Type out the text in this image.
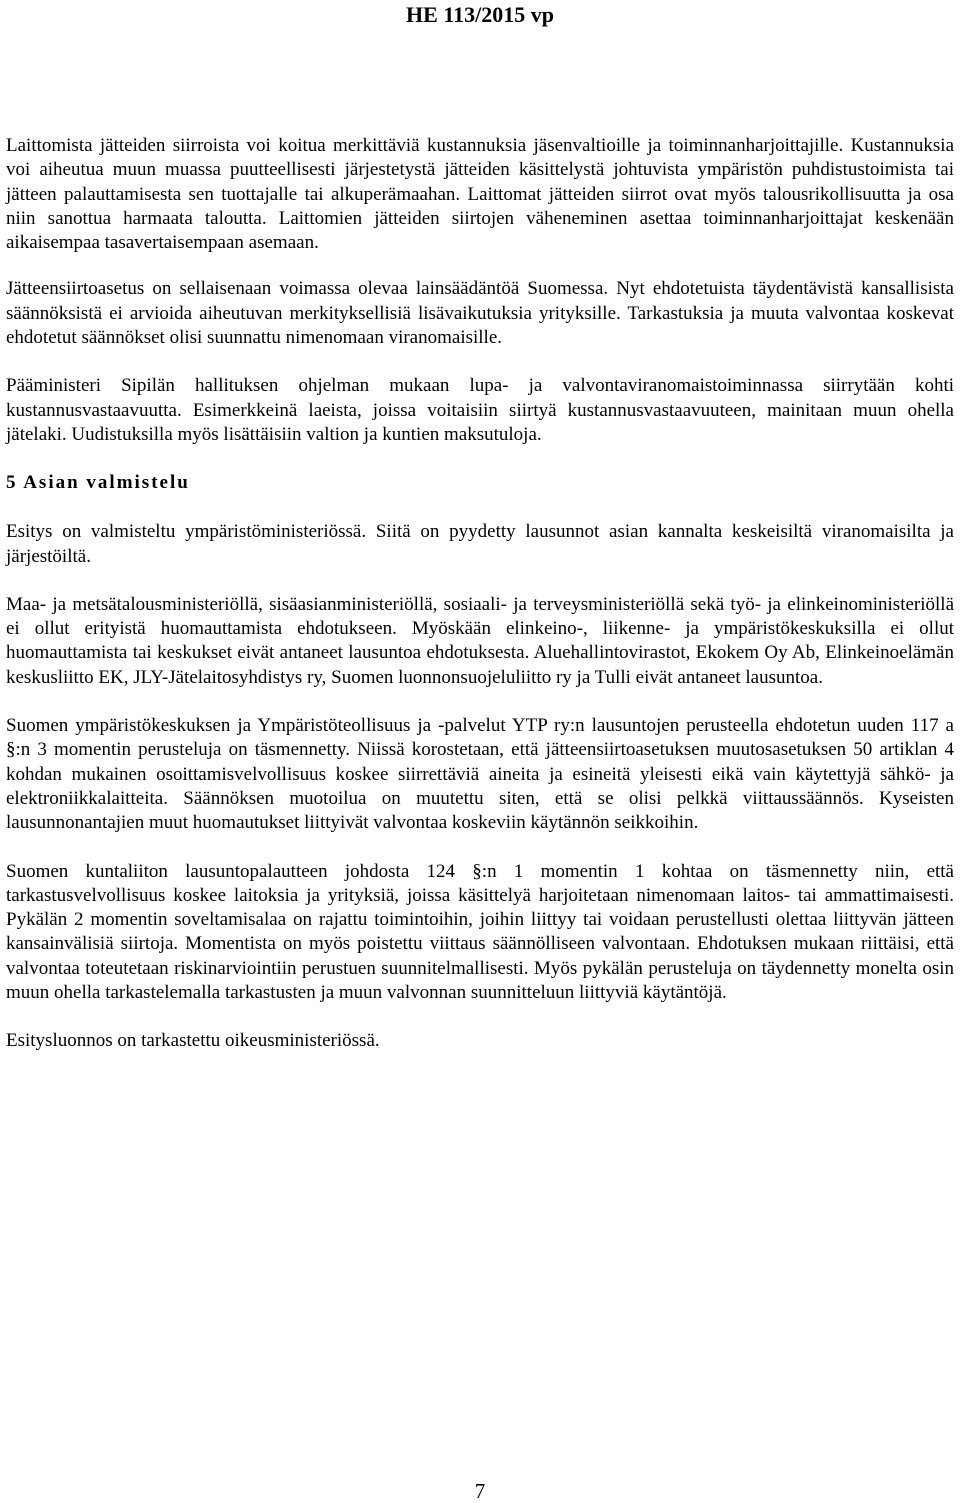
HE 113/2015 vp

Laittomista jätteiden siirroista voi koitua merkittäviä kustannuksia jäsenvaltioille ja toiminnanharjoittajille. Kustannuksia voi aiheutua muun muassa puutteellisesti järjestetystä jätteiden käsittelystä johtuvista ympäristön puhdistustoimista tai jätteen palauttamisesta sen tuottajalle tai alkuperämaahan. Laittomat jätteiden siirrot ovat myös talousrikollisuutta ja osa niin sanottua harmaata taloutta. Laittomien jätteiden siirtojen väheneminen asettaa toiminnanharjoittajat keskenään aikaisempaa tasavertaisempaan asemaan.

Jätteensiirtoasetus on sellaisenaan voimassa olevaa lainsäädäntöä Suomessa. Nyt ehdotetuista täydentävistä kansallisista säännöksistä ei arvioida aiheutuvan merkityksellisiä lisävaikutuksia yrityksille. Tarkastuksia ja muuta valvontaa koskevat ehdotetut säännökset olisi suunnattu nimenomaan viranomaisille.

Pääministeri Sipilän hallituksen ohjelman mukaan lupa- ja valvontaviranomaistoiminnassa siirrytään kohti kustannusvastaavuutta. Esimerkkeinä laeista, joissa voitaisiin siirtyä kustannusvastaavuuteen, mainitaan muun ohella jätelaki. Uudistuksilla myös lisättäisiin valtion ja kuntien maksutuloja.

5 Asian valmistelu

Esitys on valmisteltu ympäristöministeriössä. Siitä on pyydetty lausunnot asian kannalta keskeisiltä viranomaisilta ja järjestöiltä.

Maa- ja metsätalousministeriöllä, sisäasianministeriöllä, sosiaali- ja terveysministeriöllä sekä työ- ja elinkeinoministeriöllä ei ollut erityistä huomauttamista ehdotukseen. Myöskään elinkeino-, liikenne- ja ympäristökeskuksilla ei ollut huomauttamista tai keskukset eivät antaneet lausuntoa ehdotuksesta. Aluehallintovirastot, Ekokem Oy Ab, Elinkeinoelämän keskusliitto EK, JLY-Jätelaitosyhdistys ry, Suomen luonnonsuojeluliitto ry ja Tulli eivät antaneet lausuntoa.

Suomen ympäristökeskuksen ja Ympäristöteollisuus ja -palvelut YTP ry:n lausuntojen perusteella ehdotetun uuden 117 a §:n 3 momentin perusteluja on täsmennetty. Niissä korostetaan, että jätteensiirtoasetuksen muutosasetuksen 50 artiklan 4 kohdan mukainen osoittamisvelvollisuus koskee siirrettäviä aineita ja esineitä yleisesti eikä vain käytettyjä sähkö- ja elektroniikkalaitteita. Säännöksen muotoilua on muutettu siten, että se olisi pelkkä viittaussäännös. Kyseisten lausunnonantajien muut huomautukset liittyivät valvontaa koskeviin käytännön seikkoihin.

Suomen kuntaliiton lausuntopalautteen johdosta 124 §:n 1 momentin 1 kohtaa on täsmennetty niin, että tarkastusvelvollisuus koskee laitoksia ja yrityksiä, joissa käsittelyä harjoitetaan nimenomaan laitos- tai ammattimaisesti. Pykälän 2 momentin soveltamisalaa on rajattu toimintoihin, joihin liittyy tai voidaan perustellusti olettaa liittyvän jätteen kansainvälisiä siirtoja. Momentista on myös poistettu viittaus säännölliseen valvontaan. Ehdotuksen mukaan riittäisi, että valvontaa toteutetaan riskinarviointiin perustuen suunnitelmallisesti. Myös pykälän perusteluja on täydennetty monelta osin muun ohella tarkastelemalla tarkastusten ja muun valvonnan suunnitteluun liittyviä käytäntöjä.

Esitysluonnos on tarkastettu oikeusministeriössä.

7
